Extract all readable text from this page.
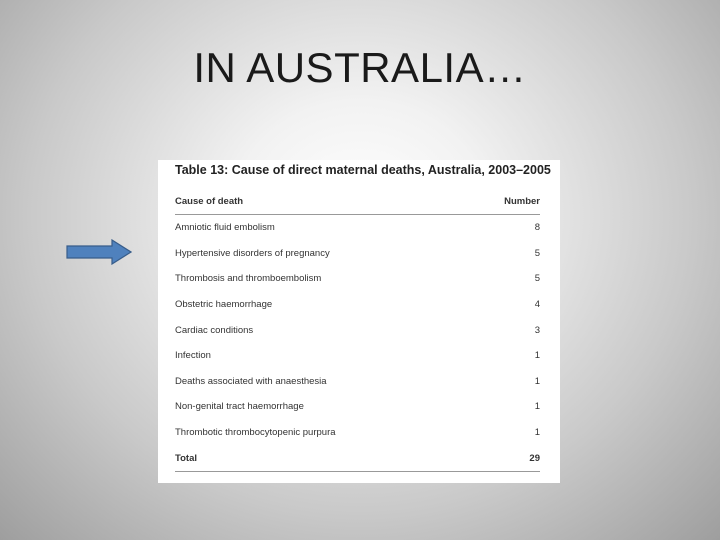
IN AUSTRALIA…
Table 13: Cause of direct maternal deaths, Australia, 2003–2005
Cause of death	Number
Amniotic fluid embolism	8
Hypertensive disorders of pregnancy	5
Thrombosis and thromboembolism	5
Obstetric haemorrhage	4
Cardiac conditions	3
Infection	1
Deaths associated with anaesthesia	1
Non-genital tract haemorrhage	1
Thrombotic thrombocytopenic purpura	1
Total	29
